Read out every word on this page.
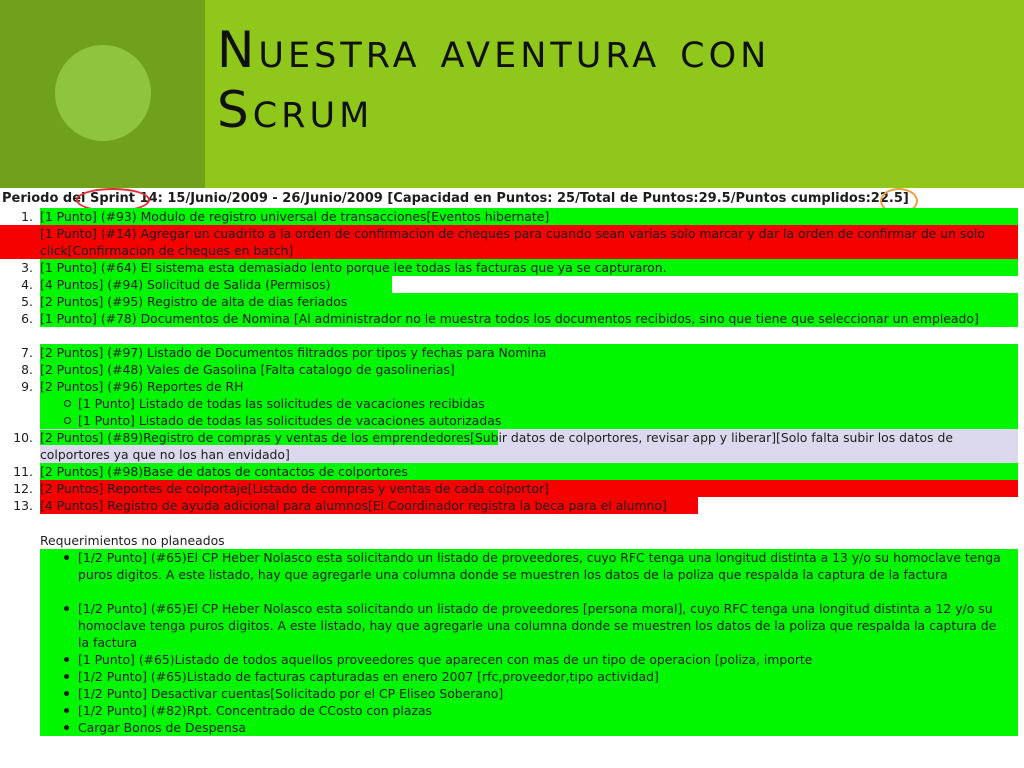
Nuestra aventura con
Scrum
Periodo del Sprint 14: 15/Junio/2009 - 26/Junio/2009 [Capacidad en Puntos: 25/Total de Puntos:29.5/Puntos cumplidos:22.5]
1. [1 Punto] (#93) Modulo de registro universal de transacciones[Eventos hibernate]
[1 Punto] (#14) Agregar un cuadrito a la orden de confirmacion de cheques para cuando sean varias solo marcar y dar la orden de confirmar de un solo click[Confirmacion de cheques en batch]
3. [1 Punto] (#64) El sistema esta demasiado lento porque lee todas las facturas que ya se capturaron.
4. [4 Puntos] (#94) Solicitud de Salida (Permisos)
5. [2 Puntos] (#95) Registro de alta de dias feriados
6. [1 Punto] (#78) Documentos de Nomina [Al administrador no le muestra todos los documentos recibidos, sino que tiene que seleccionar un empleado]
7. [2 Puntos] (#97) Listado de Documentos filtrados por tipos y fechas para Nomina
8. [2 Puntos] (#48) Vales de Gasolina [Falta catalogo de gasolinerias]
9. [2 Puntos] (#96) Reportes de RH
[1 Punto] Listado de todas las solicitudes de vacaciones recibidas
[1 Punto] Listado de todas las solicitudes de vacaciones autorizadas
10. [2 Puntos] (#89)Registro de compras y ventas de los emprendedores[Subir datos de colportores, revisar app y liberar][Solo falta subir los datos de colportores ya que no los han envidado]
11. [2 Puntos] (#98)Base de datos de contactos de colportores
12. [2 Puntos] Reportes de colportaje[Listado de compras y ventas de cada colportor]
13. [4 Puntos] Registro de ayuda adicional para alumnos[El Coordinador registra la beca para el alumno]
Requerimientos no planeados
[1/2 Punto] (#65)El CP Heber Nolasco esta solicitando un listado de proveedores, cuyo RFC tenga una longitud distinta a 13 y/o su homoclave tenga puros digitos. A este listado, hay que agregarle una columna donde se muestren los datos de la poliza que respalda la captura de la factura
[1/2 Punto] (#65)El CP Heber Nolasco esta solicitando un listado de proveedores [persona moral], cuyo RFC tenga una longitud distinta a 12 y/o su homoclave tenga puros digitos. A este listado, hay que agregarle una columna donde se muestren los datos de la poliza que respalda la captura de la factura
[1 Punto] (#65)Listado de todos aquellos proveedores que aparecen con mas de un tipo de operacion [poliza, importe
[1/2 Punto] (#65)Listado de facturas capturadas en enero 2007 [rfc,proveedor,tipo actividad]
[1/2 Punto] Desactivar cuentas[Solicitado por el CP Eliseo Soberano]
[1/2 Punto] (#82)Rpt. Concentrado de CCosto con plazas
Cargar Bonos de Despensa
